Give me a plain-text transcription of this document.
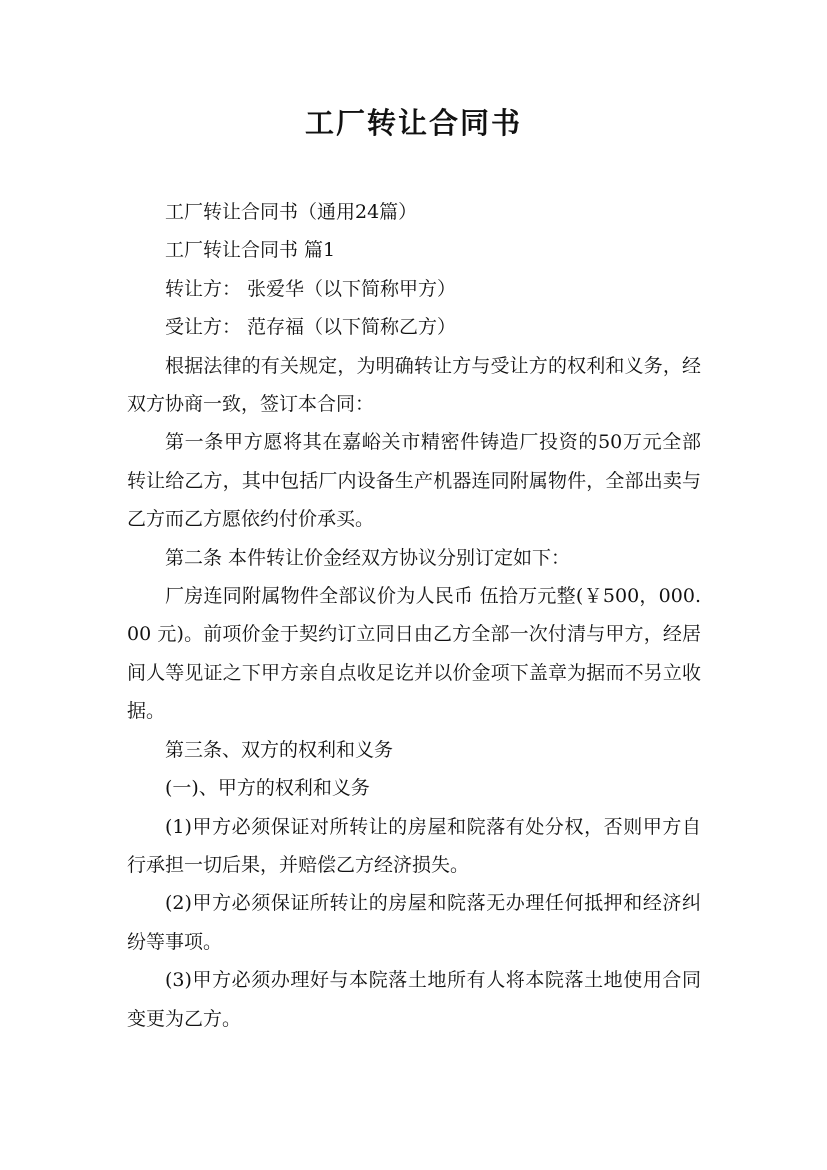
工厂转让合同书

工厂转让合同书（通用24篇）

工厂转让合同书 篇1

转让方： 张爱华（以下简称甲方）

受让方： 范存福（以下简称乙方）

根据法律的有关规定，为明确转让方与受让方的权利和义务，经双方协商一致，签订本合同：

第一条甲方愿将其在嘉峪关市精密件铸造厂投资的50万元全部转让给乙方，其中包括厂内设备生产机器连同附属物件，全部出卖与乙方而乙方愿依约付价承买。

第二条 本件转让价金经双方协议分别订定如下：

厂房连同附属物件全部议价为人民币 伍拾万元整(￥500，000.00 元)。前项价金于契约订立同日由乙方全部一次付清与甲方，经居间人等见证之下甲方亲自点收足讫并以价金项下盖章为据而不另立收据。

第三条、双方的权利和义务

(一)、甲方的权利和义务

(1)甲方必须保证对所转让的房屋和院落有处分权，否则甲方自行承担一切后果，并赔偿乙方经济损失。

(2)甲方必须保证所转让的房屋和院落无办理任何抵押和经济纠纷等事项。

(3)甲方必须办理好与本院落土地所有人将本院落土地使用合同变更为乙方。
